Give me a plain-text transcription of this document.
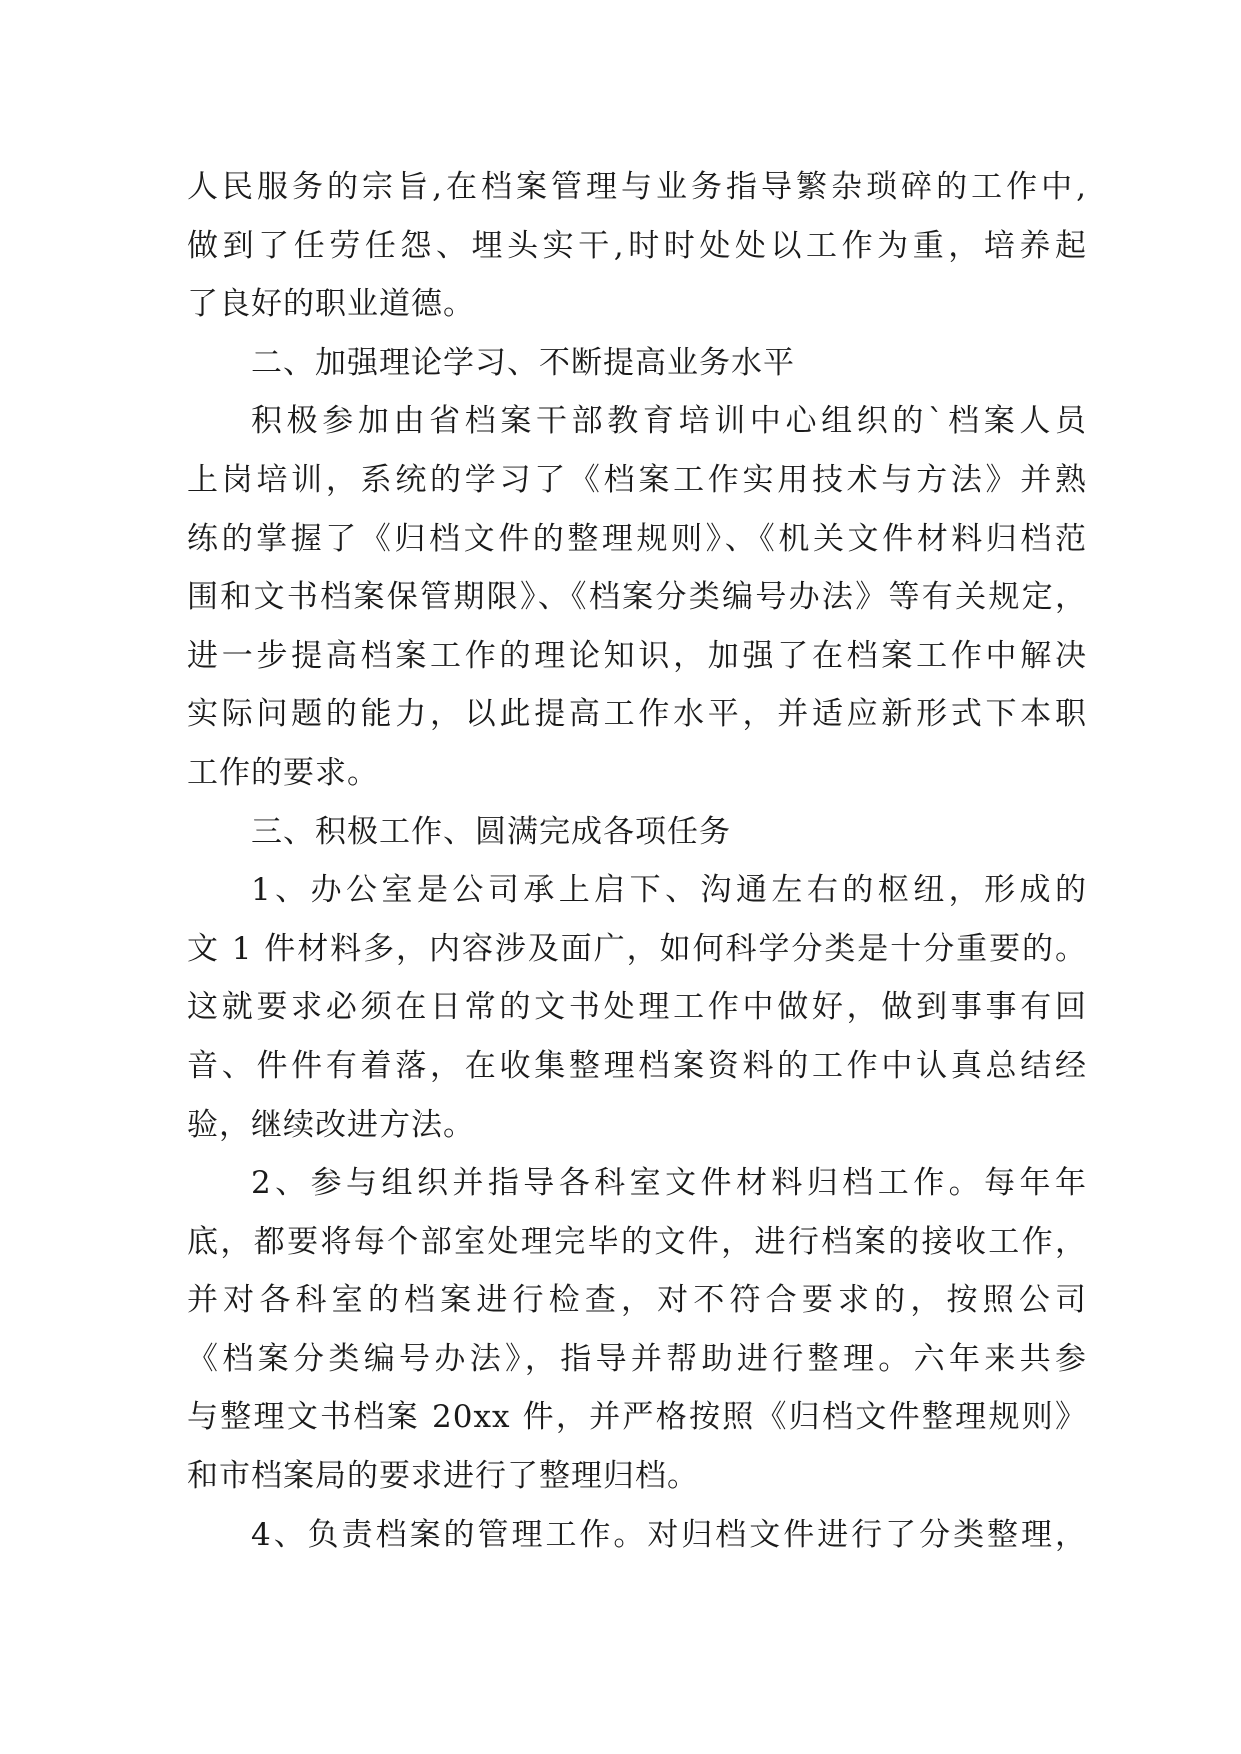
人民服务的宗旨,在档案管理与业务指导繁杂琐碎的工作中,
做到了任劳任怨、埋头实干,时时处处以工作为重，培养起
了良好的职业道德。
二、加强理论学习、不断提高业务水平
积极参加由省档案干部教育培训中心组织的`档案人员
上岗培训，系统的学习了《档案工作实用技术与方法》并熟
练的掌握了《归档文件的整理规则》、《机关文件材料归档范
围和文书档案保管期限》、《档案分类编号办法》等有关规定，
进一步提高档案工作的理论知识，加强了在档案工作中解决
实际问题的能力，以此提高工作水平，并适应新形式下本职
工作的要求。
三、积极工作、圆满完成各项任务
1、办公室是公司承上启下、沟通左右的枢纽，形成的
文 1 件材料多，内容涉及面广，如何科学分类是十分重要的。
这就要求必须在日常的文书处理工作中做好，做到事事有回
音、件件有着落，在收集整理档案资料的工作中认真总结经
验，继续改进方法。
2、参与组织并指导各科室文件材料归档工作。每年年
底，都要将每个部室处理完毕的文件，进行档案的接收工作，
并对各科室的档案进行检查，对不符合要求的，按照公司
《档案分类编号办法》，指导并帮助进行整理。六年来共参
与整理文书档案 20xx 件，并严格按照《归档文件整理规则》
和市档案局的要求进行了整理归档。
4、负责档案的管理工作。对归档文件进行了分类整理，
